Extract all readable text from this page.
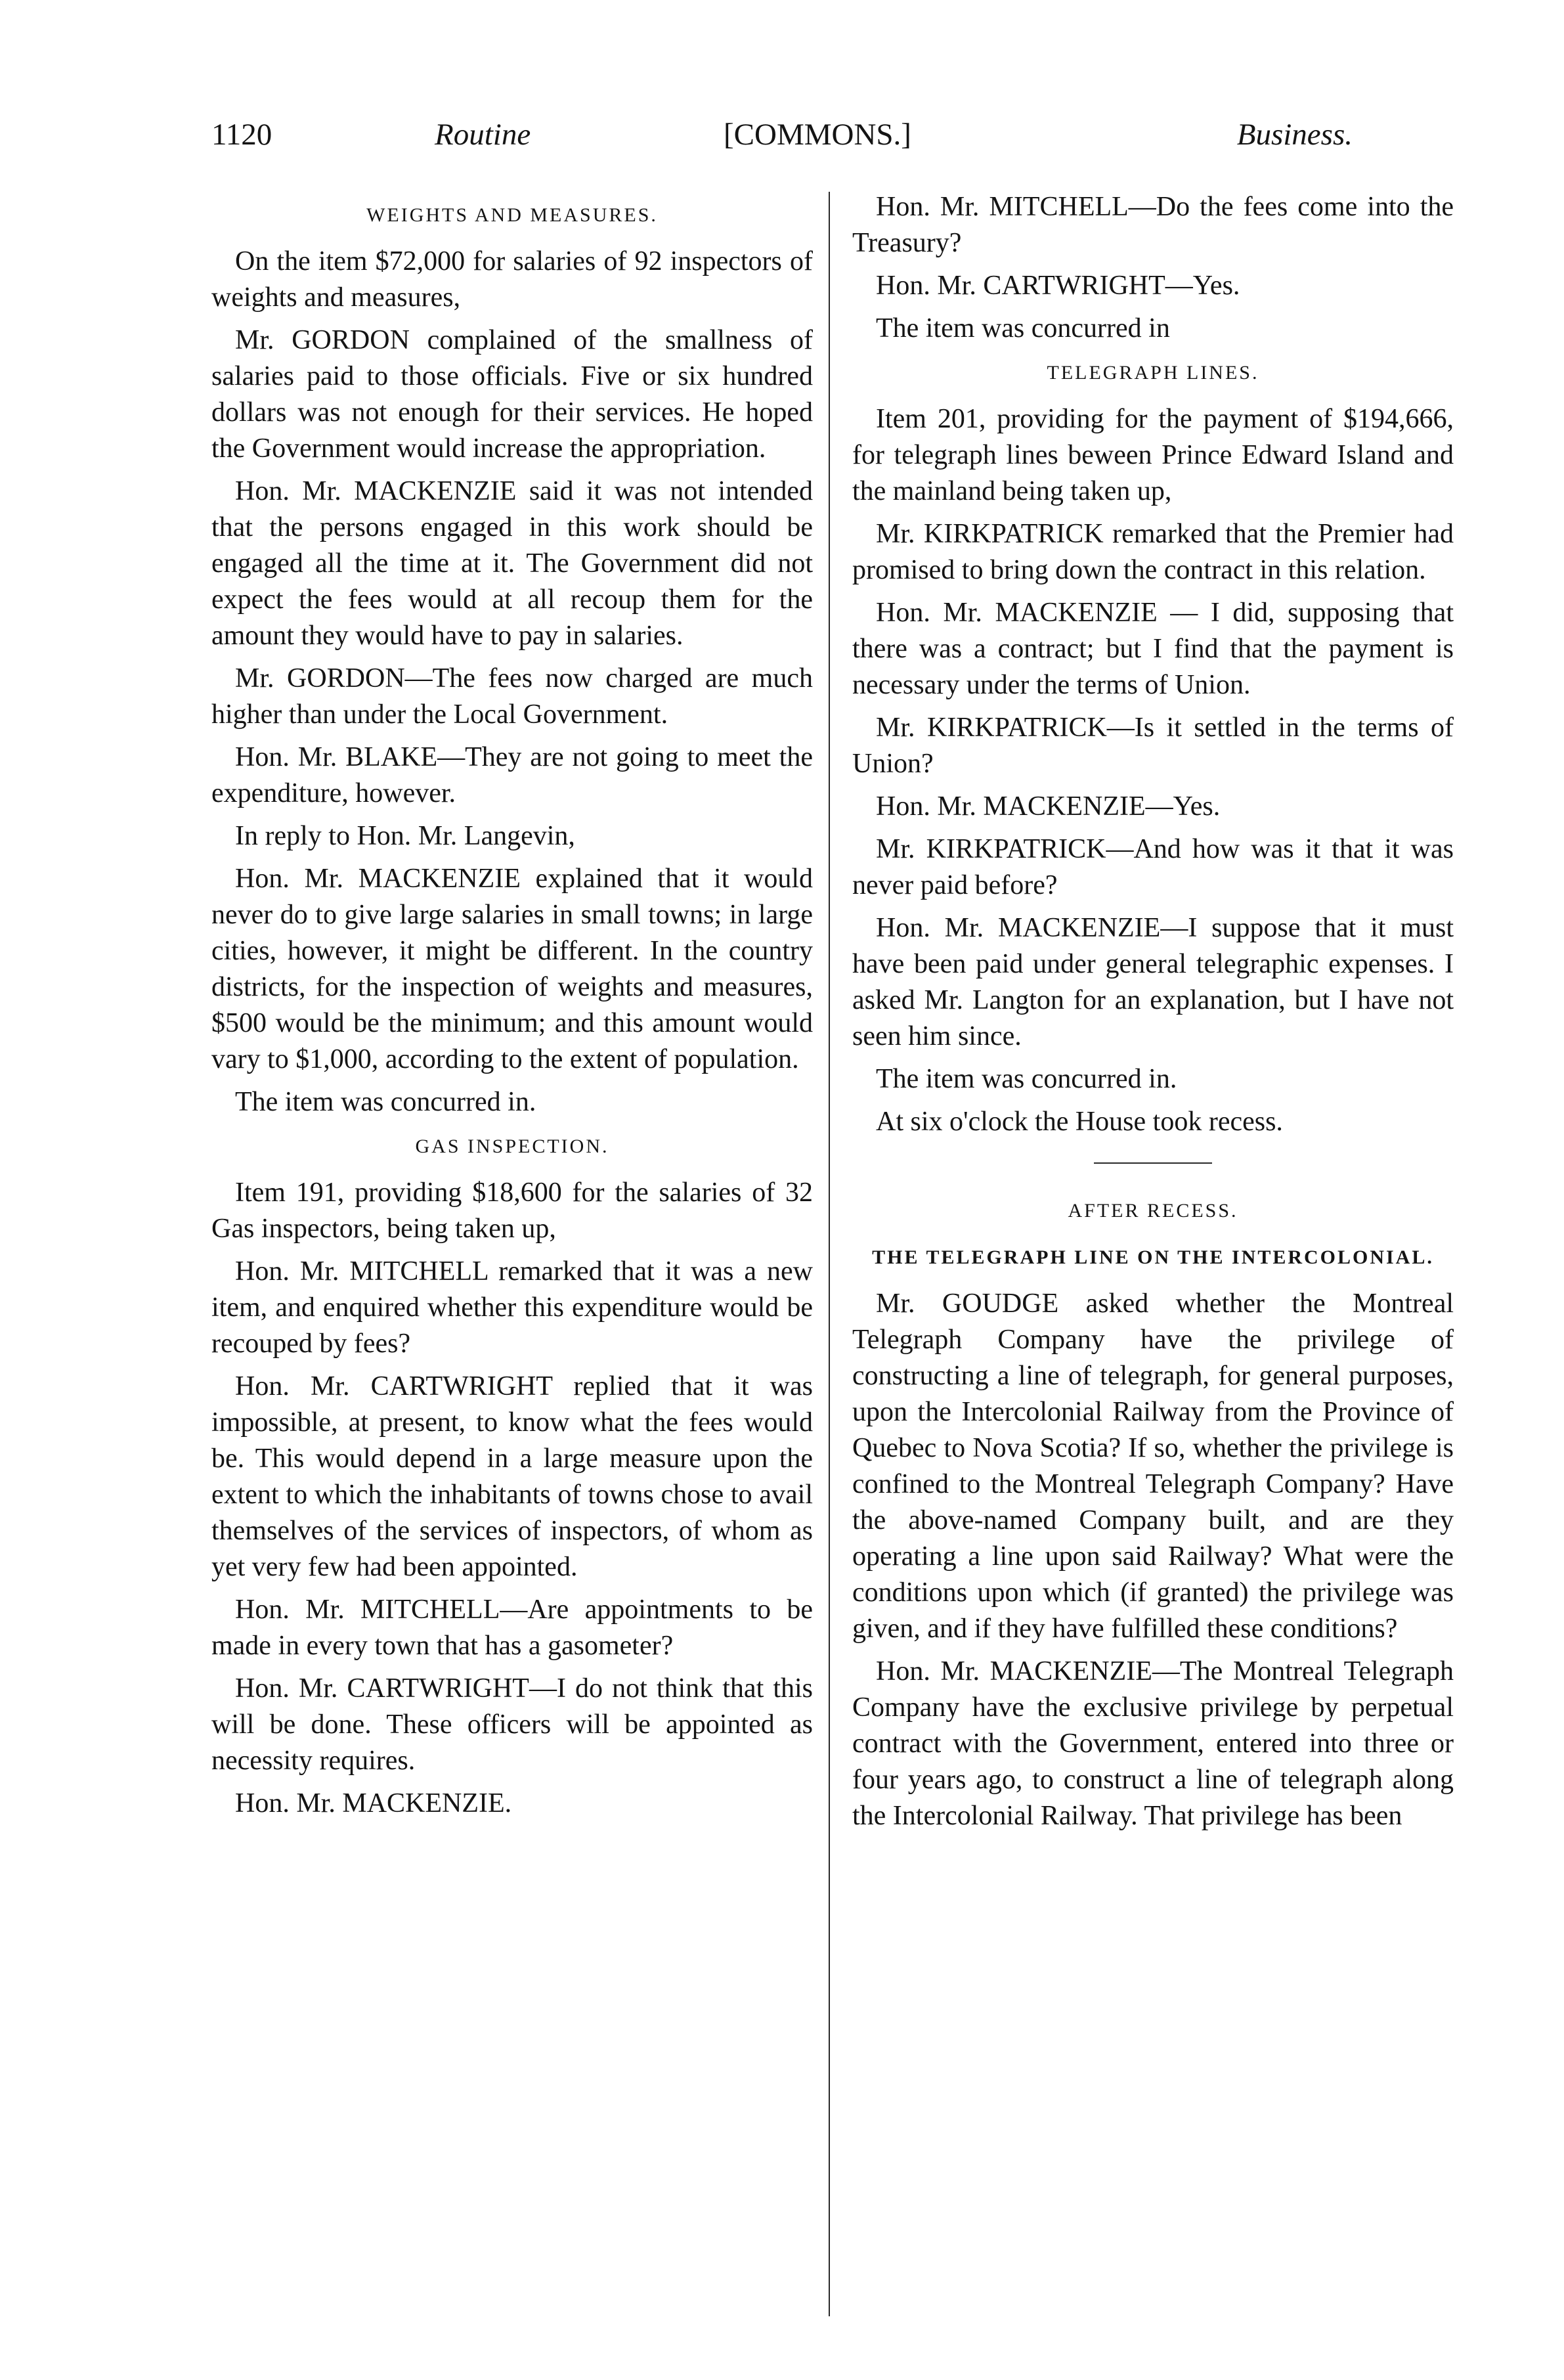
1120	Routine	[COMMONS.]	Business.
WEIGHTS AND MEASURES.

On the item $72,000 for salaries of 92 inspectors of weights and measures,

Mr. GORDON complained of the smallness of salaries paid to those officials. Five or six hundred dollars was not enough for their services. He hoped the Government would increase the appropriation.

Hon. Mr. MACKENZIE said it was not intended that the persons engaged in this work should be engaged all the time at it. The Government did not expect the fees would at all recoup them for the amount they would have to pay in salaries.

Mr. GORDON—The fees now charged are much higher than under the Local Government.

Hon. Mr. BLAKE—They are not going to meet the expenditure, however.

In reply to Hon. Mr. Langevin,

Hon. Mr. MACKENZIE explained that it would never do to give large salaries in small towns; in large cities, however, it might be different. In the country districts, for the inspection of weights and measures, $500 would be the minimum; and this amount would vary to $1,000, according to the extent of population.

The item was concurred in.

GAS INSPECTION.

Item 191, providing $18,600 for the salaries of 32 Gas inspectors, being taken up,

Hon. Mr. MITCHELL remarked that it was a new item, and enquired whether this expenditure would be recouped by fees?

Hon. Mr. CARTWRIGHT replied that it was impossible, at present, to know what the fees would be. This would depend in a large measure upon the extent to which the inhabitants of towns chose to avail themselves of the services of inspectors, of whom as yet very few had been appointed.

Hon. Mr. MITCHELL—Are appointments to be made in every town that has a gasometer?

Hon. Mr. CARTWRIGHT—I do not think that this will be done. These officers will be appointed as necessity requires.

Hon. Mr. MACKENZIE.

Hon. Mr. MITCHELL—Do the fees come into the Treasury?

Hon. Mr. CARTWRIGHT—Yes.

The item was concurred in

TELEGRAPH LINES.

Item 201, providing for the payment of $194,666, for telegraph lines beween Prince Edward Island and the mainland being taken up,

Mr. KIRKPATRICK remarked that the Premier had promised to bring down the contract in this relation.

Hon. Mr. MACKENZIE — I did, supposing that there was a contract; but I find that the payment is necessary under the terms of Union.

Mr. KIRKPATRICK—Is it settled in the terms of Union?

Hon. Mr. MACKENZIE—Yes.

Mr. KIRKPATRICK—And how was it that it was never paid before?

Hon. Mr. MACKENZIE—I suppose that it must have been paid under general telegraphic expenses. I asked Mr. Langton for an explanation, but I have not seen him since.

The item was concurred in.

At six o'clock the House took recess.

AFTER RECESS.
THE TELEGRAPH LINE ON THE INTERCOLONIAL.

Mr. GOUDGE asked whether the Montreal Telegraph Company have the privilege of constructing a line of telegraph, for general purposes, upon the Intercolonial Railway from the Province of Quebec to Nova Scotia? If so, whether the privilege is confined to the Montreal Telegraph Company? Have the above-named Company built, and are they operating a line upon said Railway? What were the conditions upon which (if granted) the privilege was given, and if they have fulfilled these conditions?

Hon. Mr. MACKENZIE—The Montreal Telegraph Company have the exclusive privilege by perpetual contract with the Government, entered into three or four years ago, to construct a line of telegraph along the Intercolonial Railway. That privilege has been
